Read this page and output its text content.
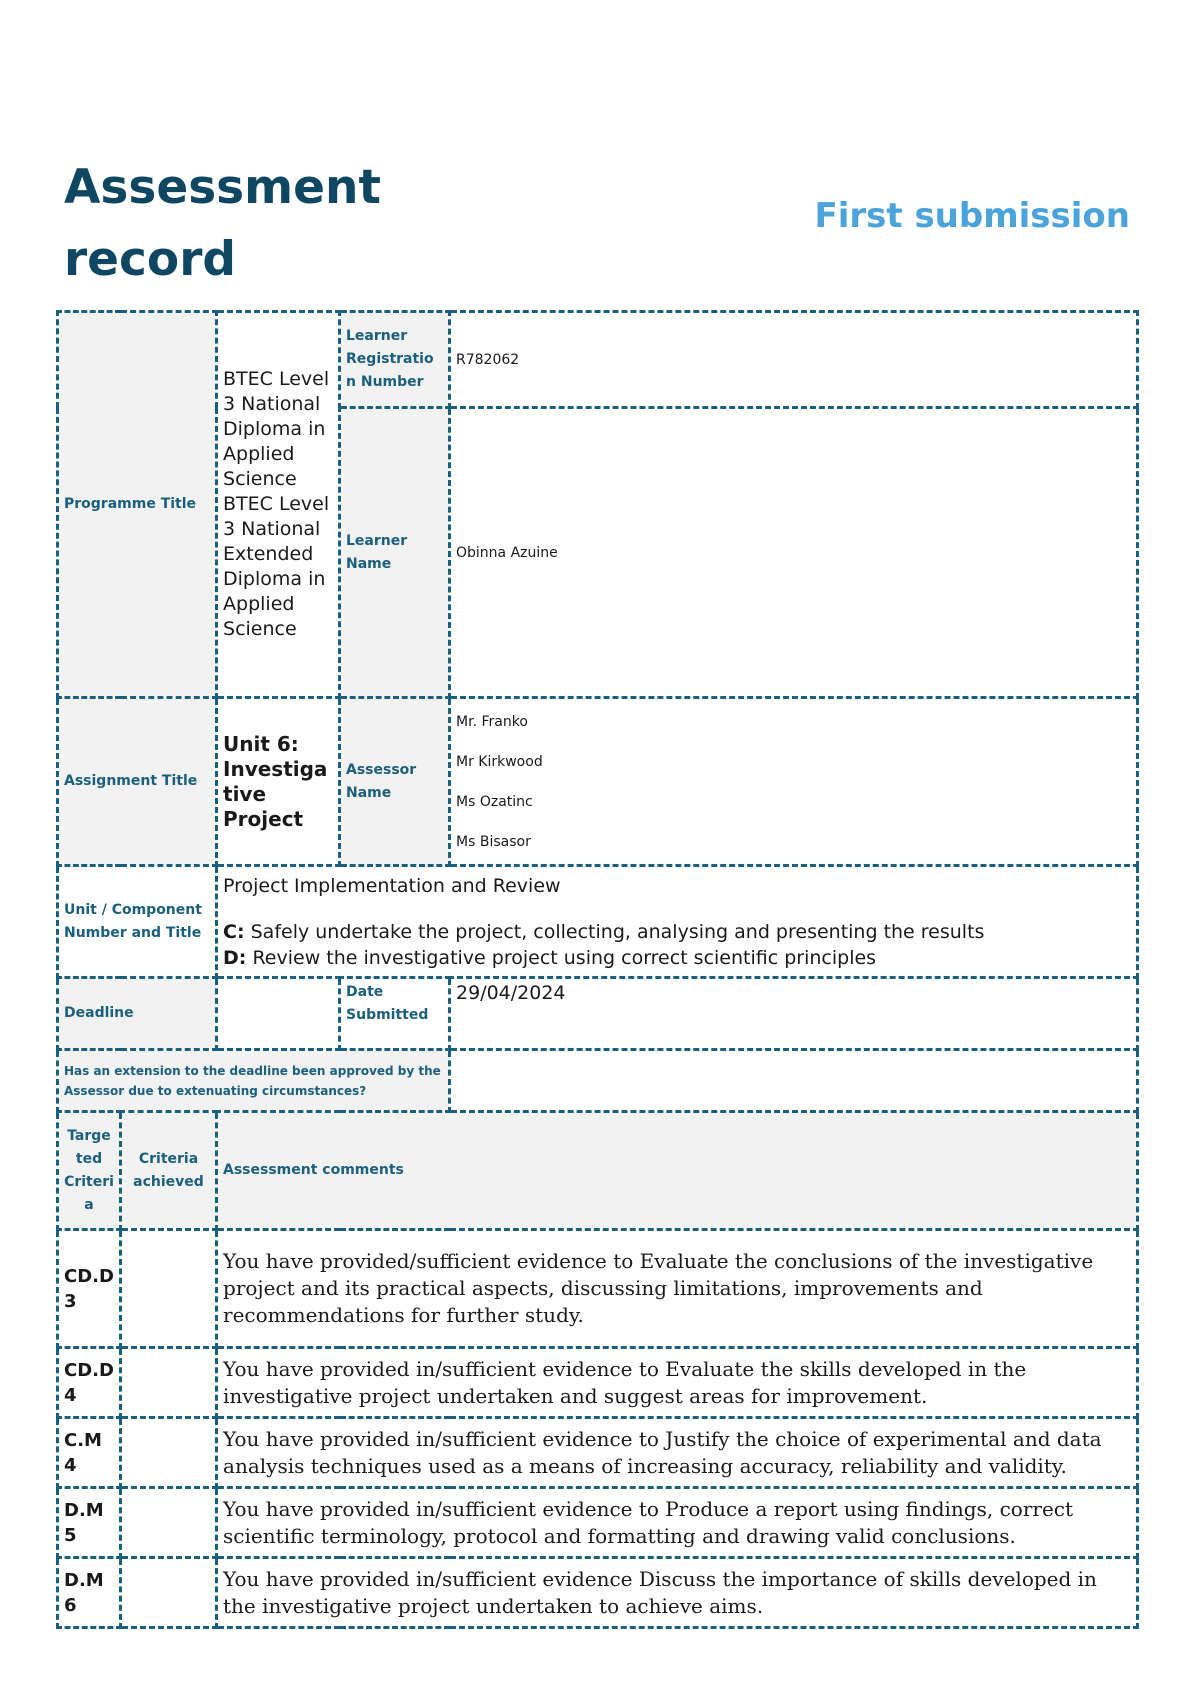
Assessment record
First submission
Programme Title		BTEC Level 3 National Diploma in Applied Science BTEC Level 3 National Extended Diploma in Applied Science	Learner Registration Number	R782062
			Learner Name	Obinna Azuine
Assignment Title		Unit 6: Investigative Project	Assessor Name	Mr. Franko
Mr Kirkwood
Ms Ozatinc
Ms Bisasor

Unit / Component Number and Title		Project Implementation and Review

C: Safely undertake the project, collecting, analysing and presenting the results

D: Review the investigative project using correct scientific principles		

Deadline			Date Submitted	29/04/2024
Has an extension to the deadline been approved by the Assessor due to extenuating circumstances?				
Targeted Criteria	Criteria achieved	Assessment comments		
CD.D3		You have provided/sufficient evidence to Evaluate the conclusions of the investigative project and its practical aspects, discussing limitations, improvements and recommendations for further study.		
CD.D4		You have provided in/sufficient evidence to Evaluate the skills developed in the investigative project undertaken and suggest areas for improvement.		
C.M4		You have provided in/sufficient evidence to Justify the choice of experimental and data analysis techniques used as a means of increasing accuracy, reliability and validity.		
D.M5		You have provided in/sufficient evidence to Produce a report using findings, correct scientific terminology, protocol and formatting and drawing valid conclusions.		
D.M6		You have provided in/sufficient evidence Discuss the importance of skills developed in the investigative project undertaken to achieve aims.		
